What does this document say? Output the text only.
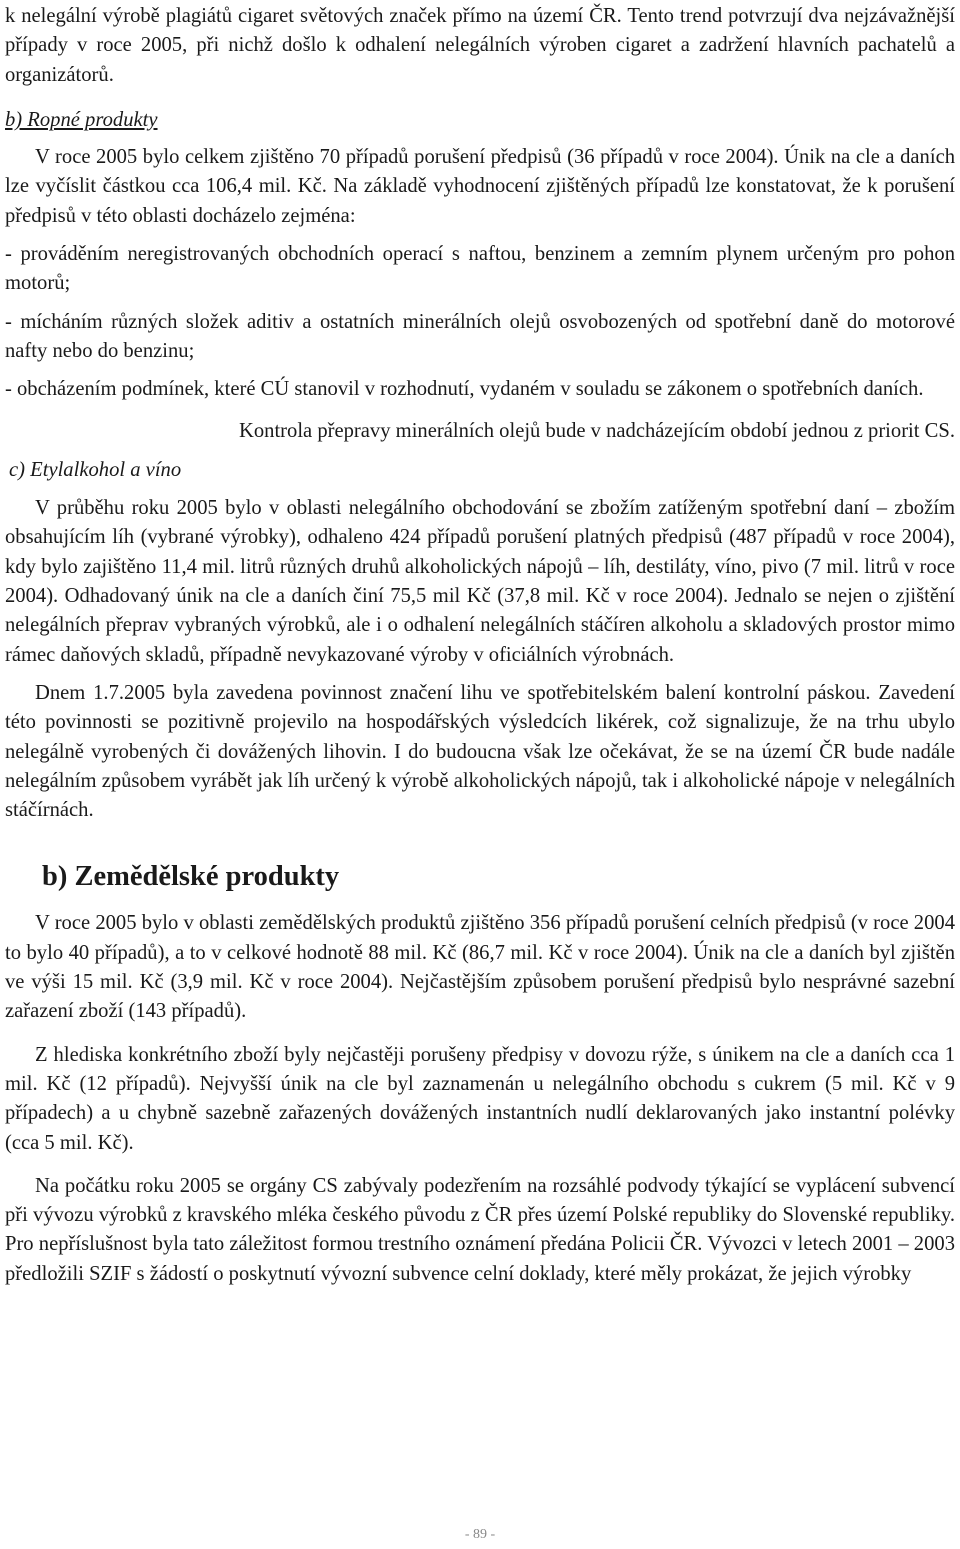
k nelegální výrobě plagiátů cigaret světových značek přímo na území ČR. Tento trend potvrzují dva nejzávažnější případy v roce 2005, při nichž došlo k odhalení nelegálních výroben cigaret a zadržení hlavních pachatelů a organizátorů.

b) Ropné produkty

V roce 2005 bylo celkem zjištěno 70 případů porušení předpisů (36 případů v roce 2004). Únik na cle a daních lze vyčíslit částkou cca 106,4 mil. Kč. Na základě vyhodnocení zjištěných případů lze konstatovat, že k porušení předpisů v této oblasti docházelo zejména:

- prováděním neregistrovaných obchodních operací s naftou, benzinem a zemním plynem určeným pro pohon motorů;

- mícháním různých složek aditiv a ostatních minerálních olejů osvobozených od spotřební daně do motorové nafty nebo do benzinu;

- obcházením podmínek, které CÚ stanovil v rozhodnutí, vydaném v souladu se zákonem o spotřebních daních.

Kontrola přepravy minerálních olejů bude v nadcházejícím období jednou z priorit CS.

c) Etylalkohol a víno

V průběhu roku 2005 bylo v oblasti nelegálního obchodování se zbožím zatíženým spotřební daní – zbožím obsahujícím líh (vybrané výrobky), odhaleno 424 případů porušení platných předpisů (487 případů v roce 2004), kdy bylo zajištěno 11,4 mil. litrů různých druhů alkoholických nápojů – líh, destiláty, víno, pivo (7 mil. litrů v roce 2004). Odhadovaný únik na cle a daních činí 75,5 mil Kč (37,8 mil. Kč v roce 2004). Jednalo se nejen o zjištění nelegálních přeprav vybraných výrobků, ale i o odhalení nelegálních stáčíren alkoholu a skladových prostor mimo rámec daňových skladů, případně nevykazované výroby v oficiálních výrobnách.

Dnem 1.7.2005 byla zavedena povinnost značení lihu ve spotřebitelském balení kontrolní páskou. Zavedení této povinnosti se pozitivně projevilo na hospodářských výsledcích likérek, což signalizuje, že na trhu ubylo nelegálně vyrobených či dovážených lihovin. I do budoucna však lze očekávat, že se na území ČR bude nadále nelegálním způsobem vyrábět jak líh určený k výrobě alkoholických nápojů, tak i alkoholické nápoje v nelegálních stáčírnách.

b) Zemědělské produkty

V roce 2005 bylo v oblasti zemědělských produktů zjištěno 356 případů porušení celních předpisů (v roce 2004 to bylo 40 případů), a to v celkové hodnotě 88 mil. Kč (86,7 mil. Kč v roce 2004). Únik na cle a daních byl zjištěn ve výši 15 mil. Kč (3,9 mil. Kč v roce 2004). Nejčastějším způsobem porušení předpisů bylo nesprávné sazební zařazení zboží (143 případů).

Z hlediska konkrétního zboží byly nejčastěji porušeny předpisy v dovozu rýže, s únikem na cle a daních cca 1 mil. Kč (12 případů). Nejvyšší únik na cle byl zaznamenán u nelegálního obchodu s cukrem (5 mil. Kč v 9 případech) a u chybně sazebně zařazených dovážených instantních nudlí deklarovaných jako instantní polévky (cca 5 mil. Kč).

Na počátku roku 2005 se orgány CS zabývaly podezřením na rozsáhlé podvody týkající se vyplácení subvencí při vývozu výrobků z kravského mléka českého původu z ČR přes území Polské republiky do Slovenské republiky. Pro nepříslušnost byla tato záležitost formou trestního oznámení předána Policii ČR. Vývozci v letech 2001 – 2003 předložili SZIF s žádostí o poskytnutí vývozní subvence celní doklady, které měly prokázat, že jejich výrobky

- 89 -
